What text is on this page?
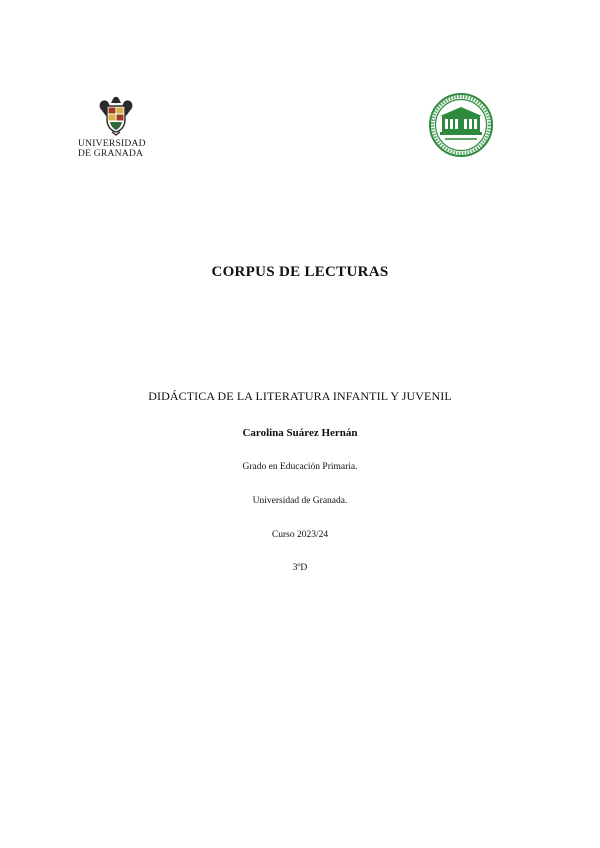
UNIVERSIDAD
DE GRANADA
CORPUS DE LECTURAS
DIDÁCTICA DE LA LITERATURA INFANTIL Y JUVENIL
Carolina Suárez Hernán
Grado en Educación Primaria.
Universidad de Granada.
Curso 2023/24
3ºD
